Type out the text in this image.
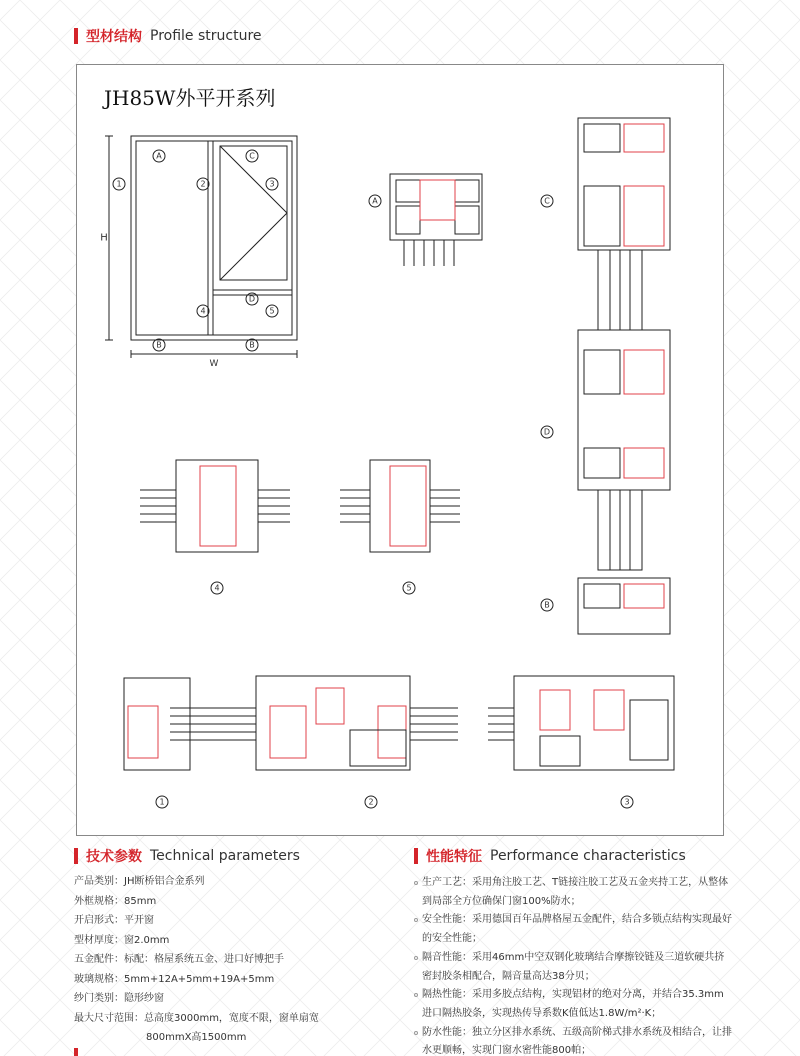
型材结构 Profile structure
JH85W外平开系列
A	C
1	2	3
D
4	5
B	B
A	C
D
B
4	5
1	2	3
H
W
技术参数 Technical parameters
产品类别： JH断桥铝合金系列
外框规格： 85mm
开启形式： 平开窗
型材厚度： 窗2.0mm
五金配件： 标配：格屋系统五金、进口好博把手
玻璃规格： 5mm+12A+5mm+19A+5mm
纱门类别： 隐形纱窗
最大尺寸范围： 总高度3000mm，宽度不限，窗单扇宽
800mmX高1500mm
性能特征 Performance characteristics
生产工艺：采用角注胶工艺、T链接注胶工艺及五金夹持工艺，从整体到局部全方位确保门窗100%防水；
安全性能：采用德国百年品牌格屋五金配件，结合多锁点结构实现最好的安全性能；
隔音性能：采用46mm中空双钢化玻璃结合摩擦铰链及三道软硬共挤密封胶条相配合，隔音量高达38分贝；
隔热性能：采用多胶点结构，实现铝材的绝对分离，并结合35.3mm进口隔热胶条，实现热传导系数K值低达1.8W/m²·K；
防水性能：独立分区排水系统、五级高阶梯式排水系统及相结合，让排水更顺畅，实现门窗水密性能800帕；
